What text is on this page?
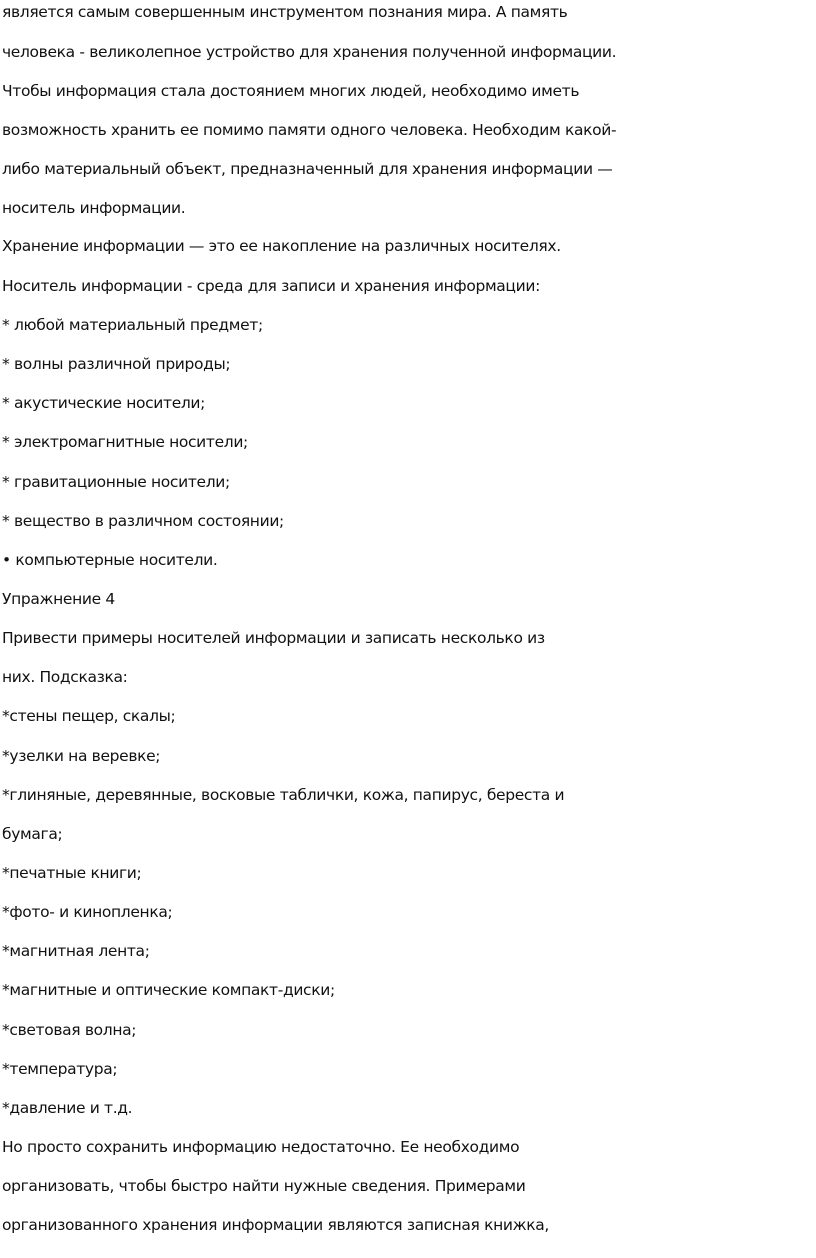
является самым совершенным инструментом познания мира. А память
человека - великолепное устройство для хранения полученной информации.
Чтобы информация стала достоянием многих людей, необходимо иметь
возможность хранить ее помимо памяти одного человека. Необходим какой-
либо материальный объект, предназначенный для хранения информации —
носитель информации.
Хранение информации — это ее накопление на различных носителях.
Носитель информации - среда для записи и хранения информации:
* любой материальный предмет;
* волны различной природы;
* акустические носители;
* электромагнитные носители;
* гравитационные носители;
* вещество в различном состоянии;
• компьютерные носители.
Упражнение 4
Привести примеры носителей информации и записать несколько из
них. Подсказка:
*стены пещер, скалы;
*узелки на веревке;
*глиняные, деревянные, восковые таблички, кожа, папирус, береста и
бумага;
*печатные книги;
*фото- и кинопленка;
*магнитная лента;
*магнитные и оптические компакт-диски;
*световая волна;
*температура;
*давление и т.д.
Но просто сохранить информацию недостаточно. Ее необходимо
организовать, чтобы быстро найти нужные сведения. Примерами
организованного хранения информации являются записная книжка,
